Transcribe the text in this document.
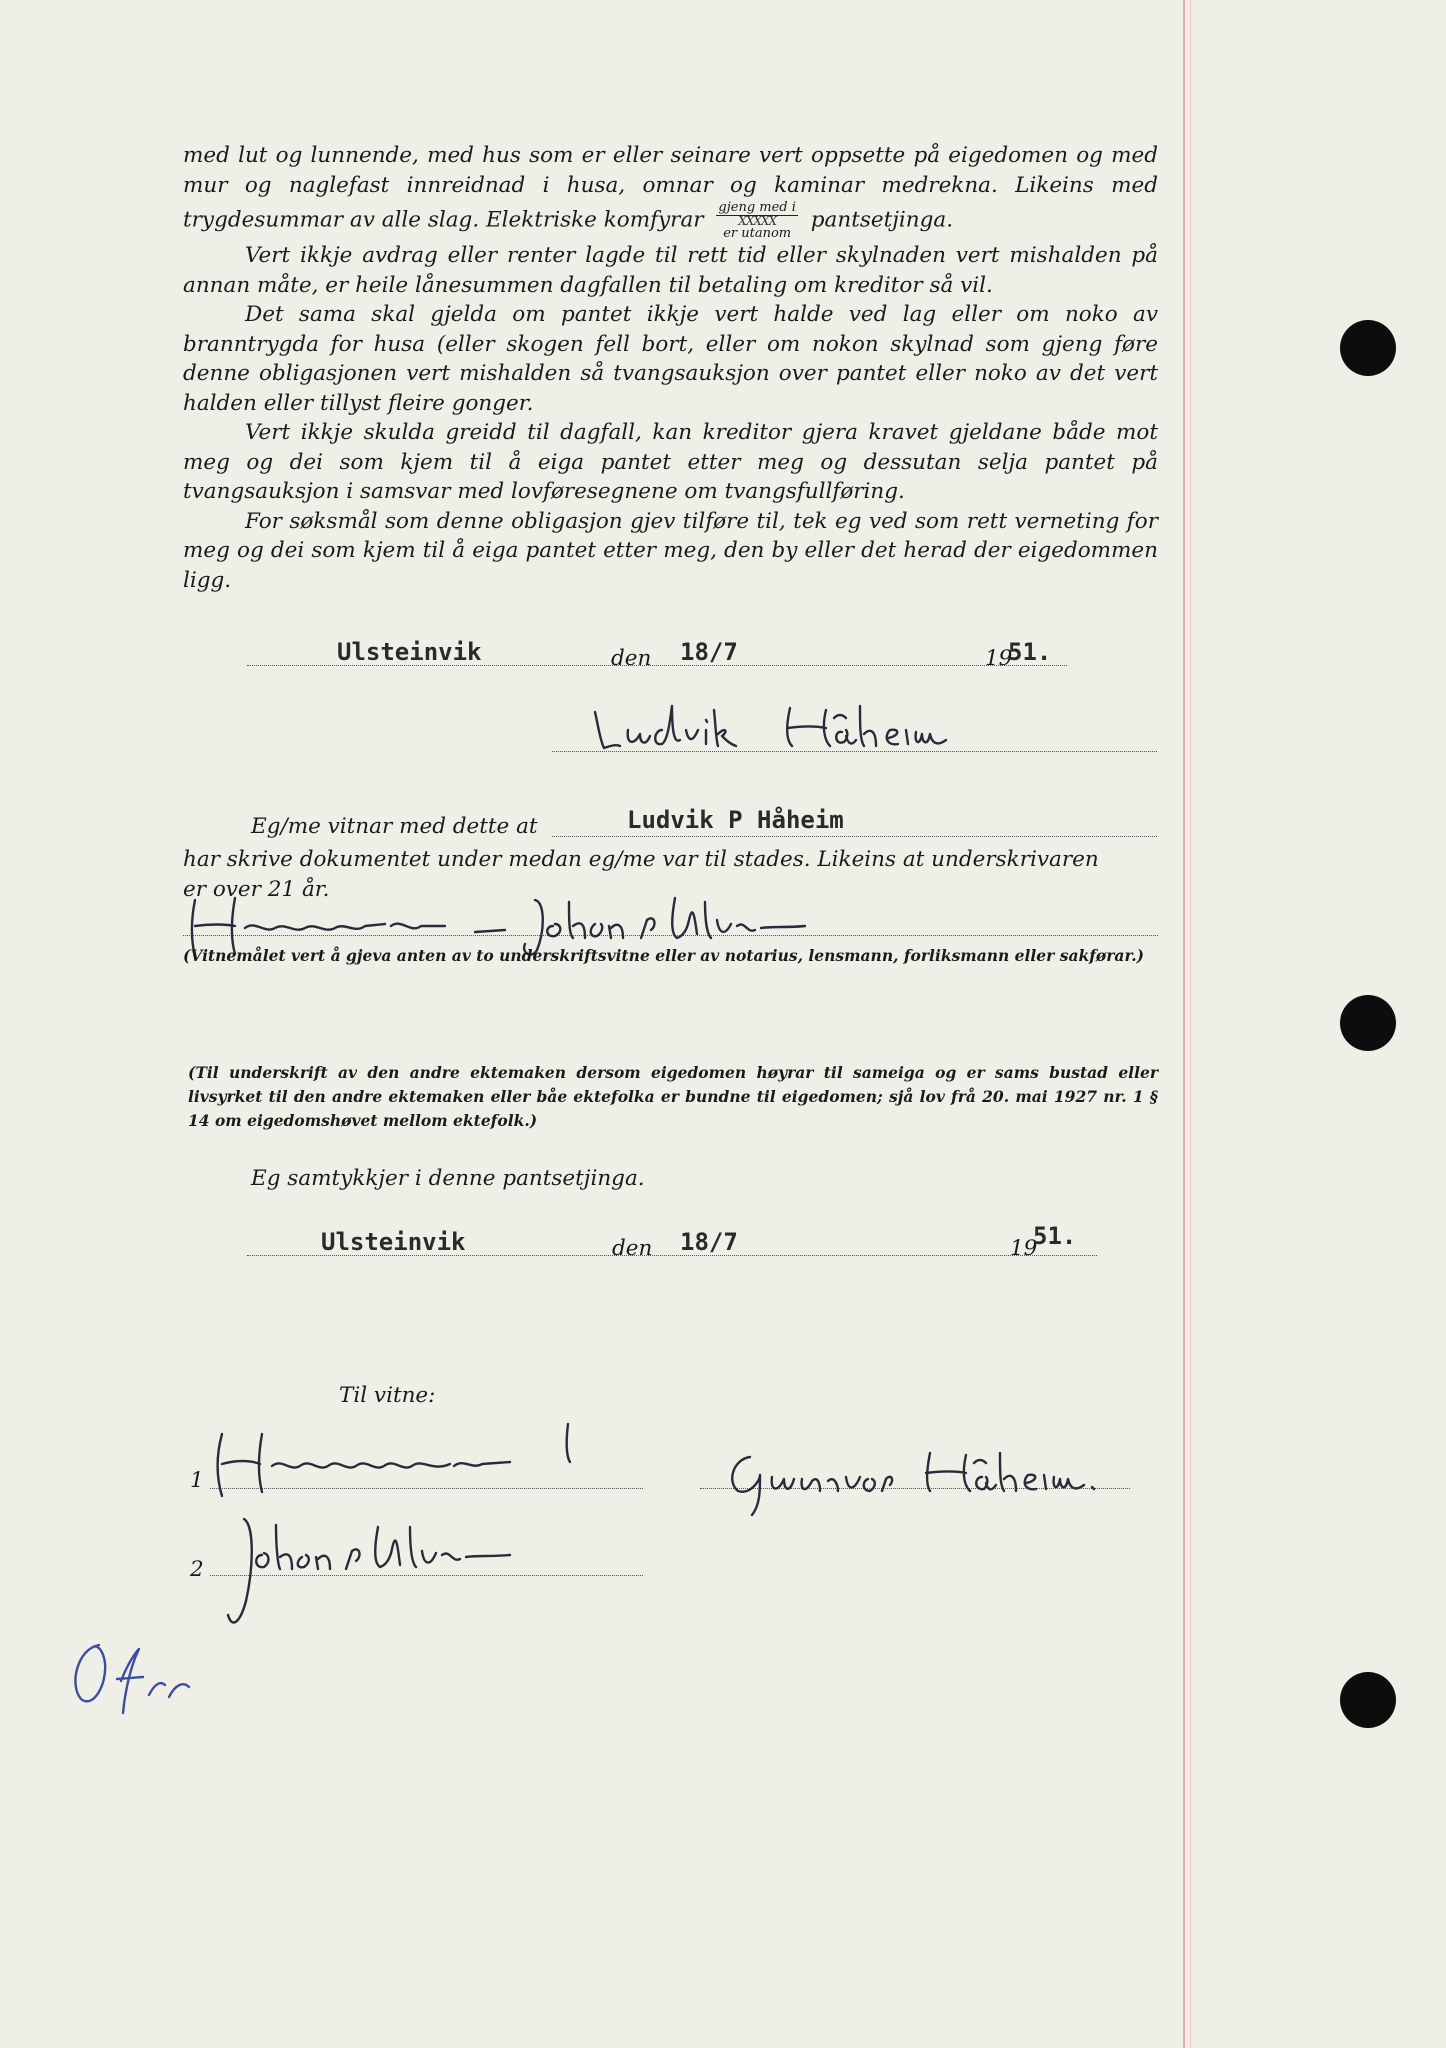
med lut og lunnende, med hus som er eller seinare vert oppsette på eigedomen og med mur og naglefast innreidnad i husa, omnar og kaminar medrekna. Likeins med trygdesummar av alle slag. Elektriske komfyrar gjeng med i
XXXXX
er utanom
pantsetjinga.

Vert ikkje avdrag eller renter lagde til rett tid eller skylnaden vert mishalden på annan måte, er heile lånesummen dagfallen til betaling om kreditor så vil.

Det sama skal gjelda om pantet ikkje vert halde ved lag eller om noko av branntrygda for husa (eller skogen fell bort, eller om nokon skylnad som gjeng føre denne obligasjonen vert mishalden så tvangsauksjon over pantet eller noko av det vert halden eller tillyst fleire gonger.

Vert ikkje skulda greidd til dagfall, kan kreditor gjera kravet gjeldane både mot meg og dei som kjem til å eiga pantet etter meg og dessutan selja pantet på tvangsauksjon i samsvar med lovføresegnene om tvangsfullføring.

For søksmål som denne obligasjon gjev tilføre til, tek eg ved som rett verneting for meg og dei som kjem til å eiga pantet etter meg, den by eller det herad der eigedommen ligg.

Ulsteinvik	den 18/7	19
51.
Eg/me vitnar med dette at	Ludvik P Håheim
har skrive dokumentet under medan eg/me var til stades. Likeins at underskrivaren
er over 21 år.
(Vitnemålet vert å gjeva anten av to underskriftsvitne eller av notarius, lensmann, forliksmann eller sakførar.)

(Til underskrift av den andre ektemaken dersom eigedomen høyrar til sameiga og er sams bustad eller livsyrket til den andre ektemaken eller båe ektefolka er bundne til eigedomen; sjå lov frå 20. mai 1927 nr. 1 § 14 om eigedomshøvet mellom ektefolk.)

Eg samtykkjer i denne pantsetjinga.
Ulsteinvik	den 18/7	19
51.
Til vitne:
1
2
